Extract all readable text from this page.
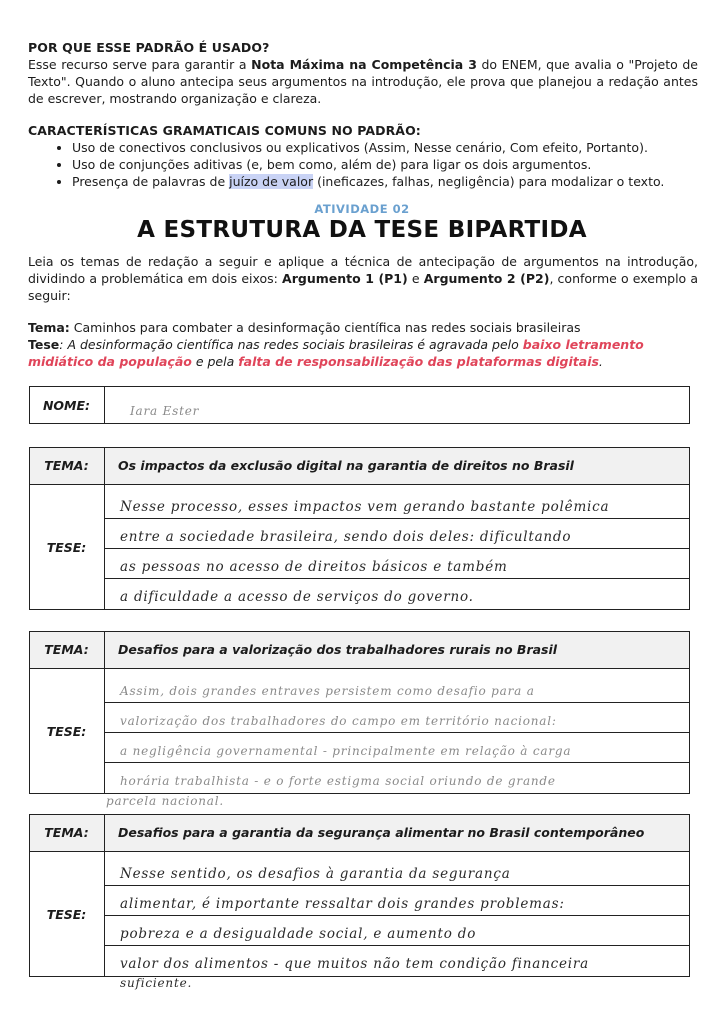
POR QUE ESSE PADRÃO É USADO?
Esse recurso serve para garantir a Nota Máxima na Competência 3 do ENEM, que avalia o "Projeto de Texto". Quando o aluno antecipa seus argumentos na introdução, ele prova que planejou a redação antes de escrever, mostrando organização e clareza.
CARACTERÍSTICAS GRAMATICAIS COMUNS NO PADRÃO:
• Uso de conectivos conclusivos ou explicativos (Assim, Nesse cenário, Com efeito, Portanto).
• Uso de conjunções aditivas (e, bem como, além de) para ligar os dois argumentos.
• Presença de palavras de juízo de valor (ineficazes, falhas, negligência) para modalizar o texto.
ATIVIDADE 02
A ESTRUTURA DA TESE BIPARTIDA
Leia os temas de redação a seguir e aplique a técnica de antecipação de argumentos na introdução, dividindo a problemática em dois eixos: Argumento 1 (P1) e Argumento 2 (P2), conforme o exemplo a seguir:
Tema: Caminhos para combater a desinformação científica nas redes sociais brasileiras
Tese: A desinformação científica nas redes sociais brasileiras é agravada pelo baixo letramento midiático da população e pela falta de responsabilização das plataformas digitais.
NOME:	Iara Ester
TEMA:	Os impactos da exclusão digital na garantia de direitos no Brasil
TESE:
Nesse processo, esses impactos vem gerando bastante polêmica
entre a sociedade brasileira, sendo dois deles: dificultando
as pessoas no acesso de direitos básicos e também
a dificuldade a acesso de serviços do governo.
TEMA:	Desafios para a valorização dos trabalhadores rurais no Brasil
TESE:
Assim, dois grandes entraves persistem como desafio para a
valorização dos trabalhadores do campo em território nacional:
a negligência governamental - principalmente em relação à carga
horária trabalhista - e o forte estigma social oriundo de grande
parcela nacional.
TEMA:	Desafios para a garantia da segurança alimentar no Brasil contemporâneo
TESE:
Nesse sentido, os desafios à garantia da segurança
alimentar, é importante ressaltar dois grandes problemas:
pobreza e a desigualdade social, e aumento do
valor dos alimentos - que muitos não tem condição financeira
suficiente.
